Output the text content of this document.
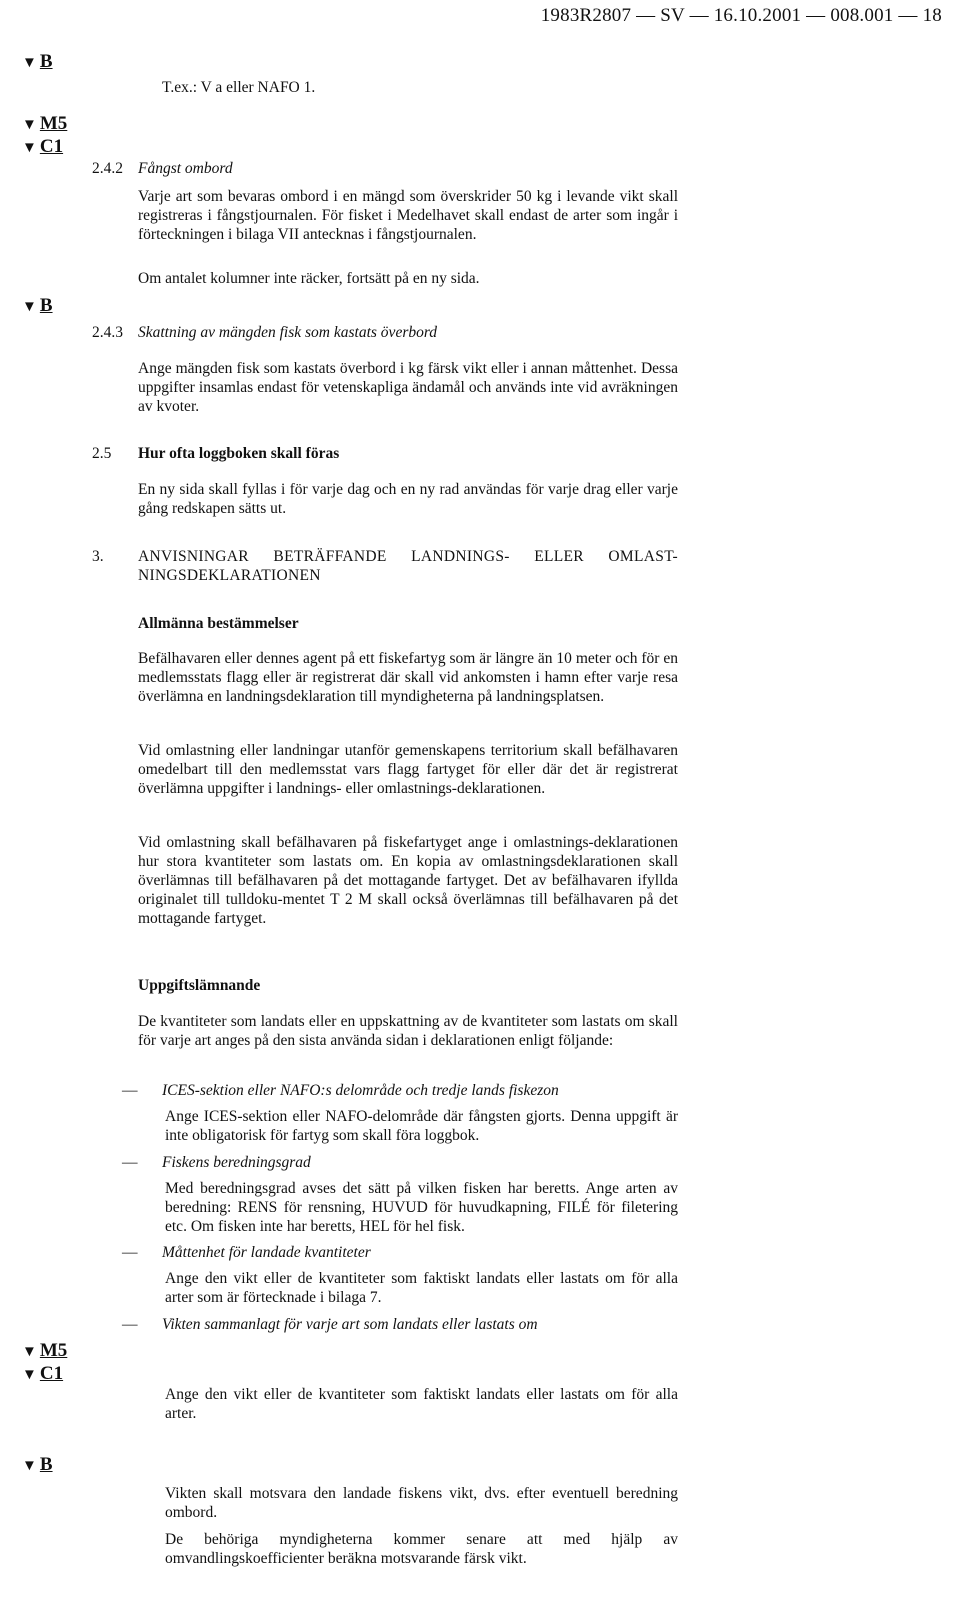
1983R2807 — SV — 16.10.2001 — 008.001 — 18
▼ B
▼ M5
▼ C1
▼ B
▼ M5
▼ C1
▼ B
T.ex.: V a eller NAFO 1.
2.4.2 Fångst ombord
Varje art som bevaras ombord i en mängd som överskrider 50 kg i levande vikt skall registreras i fångstjournalen. För fisket i Medelhavet skall endast de arter som ingår i förteckningen i bilaga VII antecknas i fångstjournalen.
Om antalet kolumner inte räcker, fortsätt på en ny sida.
2.4.3 Skattning av mängden fisk som kastats överbord
Ange mängden fisk som kastats överbord i kg färsk vikt eller i annan måttenhet. Dessa uppgifter insamlas endast för vetenskapliga ändamål och används inte vid avräkningen av kvoter.
2.5 Hur ofta loggboken skall föras
En ny sida skall fyllas i för varje dag och en ny rad användas för varje drag eller varje gång redskapen sätts ut.
3. ANVISNINGAR BETRÄFFANDE LANDNINGS- ELLER OMLAST-NINGSDEKLARATIONEN
Allmänna bestämmelser
Befälhavaren eller dennes agent på ett fiskefartyg som är längre än 10 meter och för en medlemsstats flagg eller är registrerat där skall vid ankomsten i hamn efter varje resa överlämna en landningsdeklaration till myndigheterna på landningsplatsen.
Vid omlastning eller landningar utanför gemenskapens territorium skall befälhavaren omedelbart till den medlemsstat vars flagg fartyget för eller där det är registrerat överlämna uppgifter i landnings- eller omlastnings-deklarationen.
Vid omlastning skall befälhavaren på fiskefartyget ange i omlastnings-deklarationen hur stora kvantiteter som lastats om. En kopia av omlastningsdeklarationen skall överlämnas till befälhavaren på det mottagande fartyget. Det av befälhavaren ifyllda originalet till tulldoku-mentet T 2 M skall också överlämnas till befälhavaren på det mottagande fartyget.
Uppgiftslämnande
De kvantiteter som landats eller en uppskattning av de kvantiteter som lastats om skall för varje art anges på den sista använda sidan i deklarationen enligt följande:
— ICES-sektion eller NAFO:s delområde och tredje lands fiskezon
Ange ICES-sektion eller NAFO-delområde där fångsten gjorts. Denna uppgift är inte obligatorisk för fartyg som skall föra loggbok.
— Fiskens beredningsgrad
Med beredningsgrad avses det sätt på vilken fisken har beretts. Ange arten av beredning: RENS för rensning, HUVUD för huvudkapning, FILÉ för filetering etc. Om fisken inte har beretts, HEL för hel fisk.
— Måttenhet för landade kvantiteter
Ange den vikt eller de kvantiteter som faktiskt landats eller lastats om för alla arter som är förtecknade i bilaga 7.
— Vikten sammanlagt för varje art som landats eller lastats om
Ange den vikt eller de kvantiteter som faktiskt landats eller lastats om för alla arter.
Vikten skall motsvara den landade fiskens vikt, dvs. efter eventuell beredning ombord.
De behöriga myndigheterna kommer senare att med hjälp av omvandlingskoefficienter beräkna motsvarande färsk vikt.
